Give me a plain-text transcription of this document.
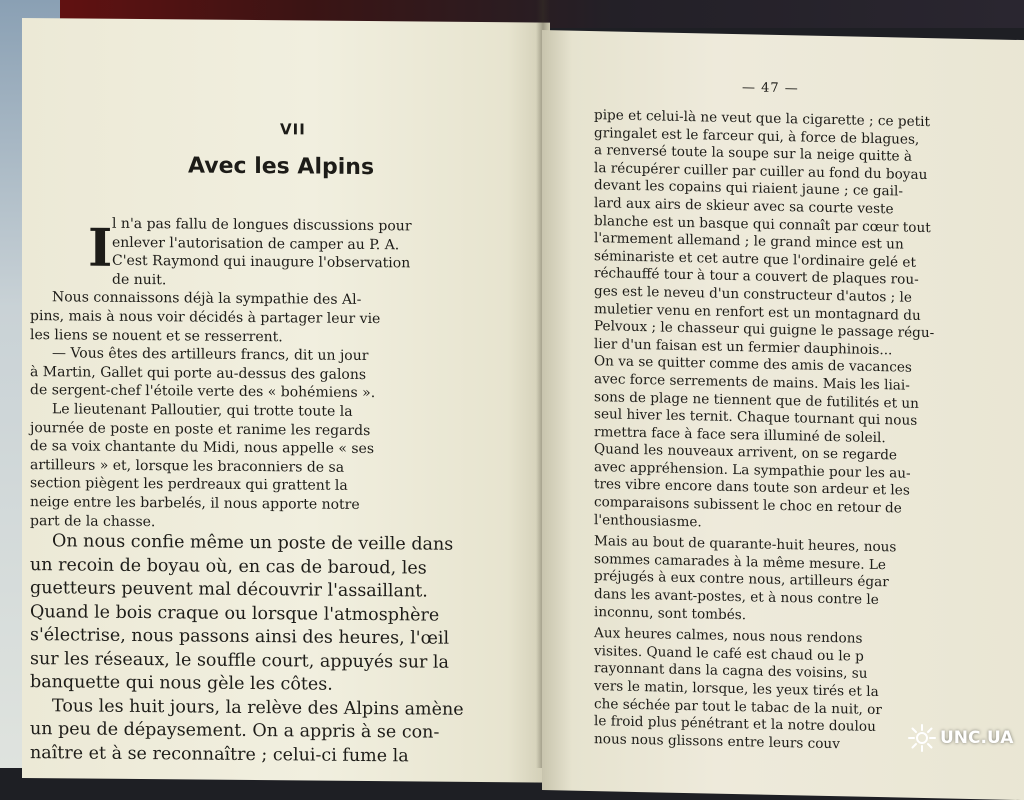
VII
Avec les Alpins
I l n'a pas fallu de longues discussions pour
enlever l'autorisation de camper au P. A.
C'est Raymond qui inaugure l'observation
de nuit.
Nous connaissons déjà la sympathie des Al-
pins, mais à nous voir décidés à partager leur vie
les liens se nouent et se resserrent.
— Vous êtes des artilleurs francs, dit un jour
à Martin, Gallet qui porte au-dessus des galons
de sergent-chef l'étoile verte des « bohémiens ».
Le lieutenant Palloutier, qui trotte toute la
journée de poste en poste et ranime les regards
de sa voix chantante du Midi, nous appelle « ses
artilleurs » et, lorsque les braconniers de sa
section piègent les perdreaux qui grattent la
neige entre les barbelés, il nous apporte notre
part de la chasse.
On nous confie même un poste de veille dans
un recoin de boyau où, en cas de baroud, les
guetteurs peuvent mal découvrir l'assaillant.
Quand le bois craque ou lorsque l'atmosphère
s'électrise, nous passons ainsi des heures, l'œil
sur les réseaux, le souffle court, appuyés sur la
banquette qui nous gèle les côtes.
Tous les huit jours, la relève des Alpins amène
un peu de dépaysement. On a appris à se con-
naître et à se reconnaître ; celui-ci fume la
— 47 —
pipe et celui-là ne veut que la cigarette ; ce petit
gringalet est le farceur qui, à force de blagues,
a renversé toute la soupe sur la neige quitte à
la récupérer cuiller par cuiller au fond du boyau
devant les copains qui riaient jaune ; ce gail-
lard aux airs de skieur avec sa courte veste
blanche est un basque qui connaît par cœur tout
l'armement allemand ; le grand mince est un
séminariste et cet autre que l'ordinaire gelé et
réchauffé tour à tour a couvert de plaques rou-
ges est le neveu d'un constructeur d'autos ; le
muletier venu en renfort est un montagnard du
Pelvoux ; le chasseur qui guigne le passage régu-
lier d'un faisan est un fermier dauphinois...
On va se quitter comme des amis de vacances
avec force serrements de mains. Mais les liai-
sons de plage ne tiennent que de futilités et un
seul hiver les ternit. Chaque tournant qui nous
rmettra face à face sera illuminé de soleil.
Quand les nouveaux arrivent, on se regarde
avec appréhension. La sympathie pour les au-
tres vibre encore dans toute son ardeur et les
comparaisons subissent le choc en retour de
l'enthousiasme.
Mais au bout de quarante-huit heures, nous
sommes camarades à la même mesure. Le
préjugés à eux contre nous, artilleurs égar
dans les avant-postes, et à nous contre le
inconnu, sont tombés.
Aux heures calmes, nous nous rendons
visites. Quand le café est chaud ou le p
rayonnant dans la cagna des voisins, su
vers le matin, lorsque, les yeux tirés et la
che séchée par tout le tabac de la nuit, or
le froid plus pénétrant et la notre doulou
nous nous glissons entre leurs couv	UNC.UA
